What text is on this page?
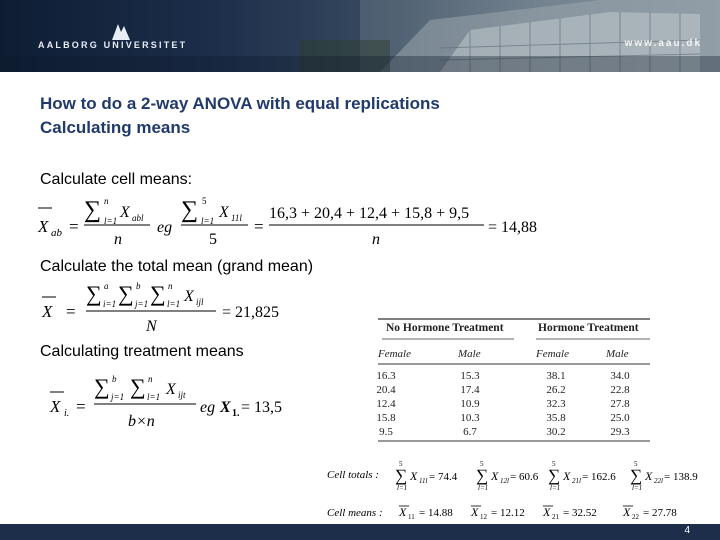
AALBORG UNIVERSITET	www.aau.dk
How to do a 2-way ANOVA with equal replications
Calculating means
Calculate cell means:
X ab =
∑ n
l=1 X abl
n
eg
∑ 5
l=1 X 11l
5
=
16,3 + 20,4 + 12,4 + 15,8 + 9,5
n
= 14,88
Calculate the total mean (grand mean)
X =
∑ a
i=1 ∑ b
j=1 ∑ n
l=1 X ijl
N
= 21,825
Calculating treatment means
X i. =
∑ b
j=1 ∑ n
l=1 X ijt
b×n
eg X 1. = 13,5
No Hormone Treatment	Hormone Treatment
Female	Male	Female	Male
16.3	15.3	38.1	34.0
20.4	17.4	26.2	22.8
12.4	10.9	32.3	27.8
15.8	10.3	35.8	25.0
9.5	6.7	30.2	29.3
Cell totals :
5
∑
l=1
X 11l = 74.4
5
∑
l=1
X 12l = 60.6
5
∑
l=1
X 21l = 162.6
5
∑
l=1
X 22l = 138.9
Cell means : X 11 = 14.88 X 12 = 12.12 X 21 = 32.52 X 22 = 27.78
4
